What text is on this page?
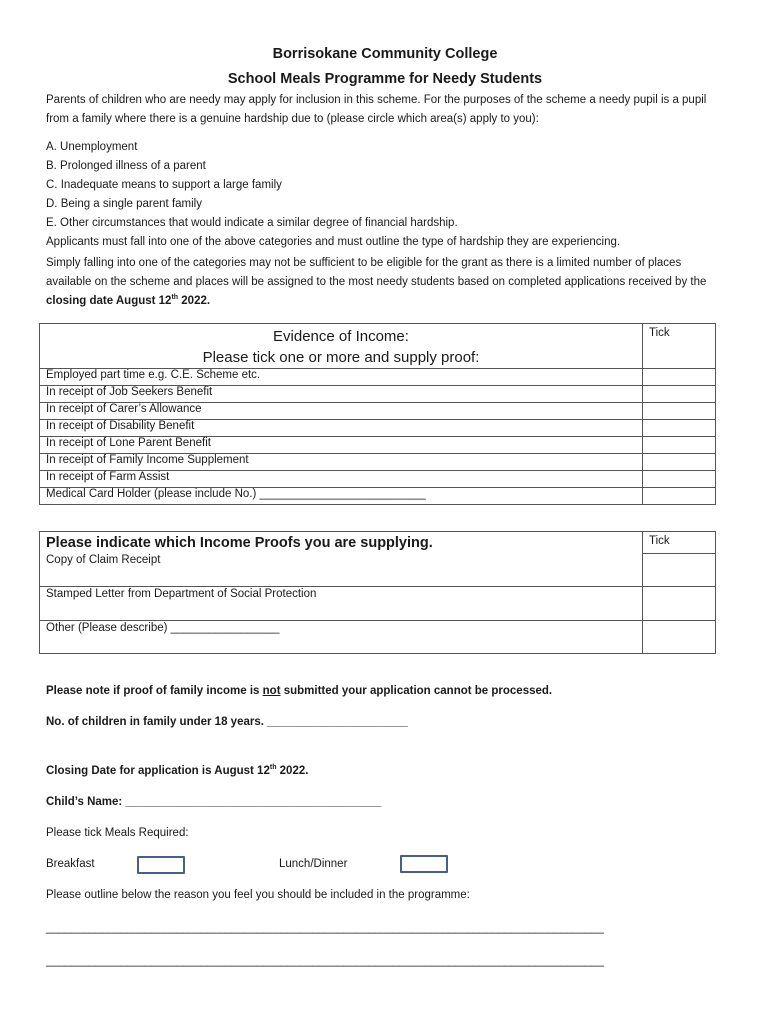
Borrisokane Community College
School Meals Programme for Needy Students
Parents of children who are needy may apply for inclusion in this scheme. For the purposes of the scheme a needy pupil is a pupil from a family where there is a genuine hardship due to (please circle which area(s) apply to you):
A. Unemployment
B. Prolonged illness of a parent
C. Inadequate means to support a large family
D. Being a single parent family
E. Other circumstances that would indicate a similar degree of financial hardship.
Applicants must fall into one of the above categories and must outline the type of hardship they are experiencing.
Simply falling into one of the categories may not be sufficient to be eligible for the grant as there is a limited number of places available on the scheme and places will be assigned to the most needy students based on completed applications received by the closing date August 12th 2022.
Evidence of Income:
Please tick one or more and supply proof:	Tick
Employed part time e.g. C.E. Scheme etc.	
In receipt of Job Seekers Benefit	
In receipt of Carer’s Allowance	
In receipt of Disability Benefit	
In receipt of Lone Parent Benefit	
In receipt of Family Income Supplement	
In receipt of Farm Assist	
Medical Card Holder (please include No.) __________________________	
Please indicate which Income Proofs you are supplying.	Tick
Copy of Claim Receipt	
Stamped Letter from Department of Social Protection	
Other (Please describe) _________________	
Please note if proof of family income is not submitted your application cannot be processed.
No. of children in family under 18 years. ______________________
Closing Date for application is August 12th 2022.
Child’s Name: ________________________________________
Please tick Meals Required:
Breakfast	Lunch/Dinner
Please outline below the reason you feel you should be included in the programme:
__________________________________________________________________________________________
__________________________________________________________________________________________
